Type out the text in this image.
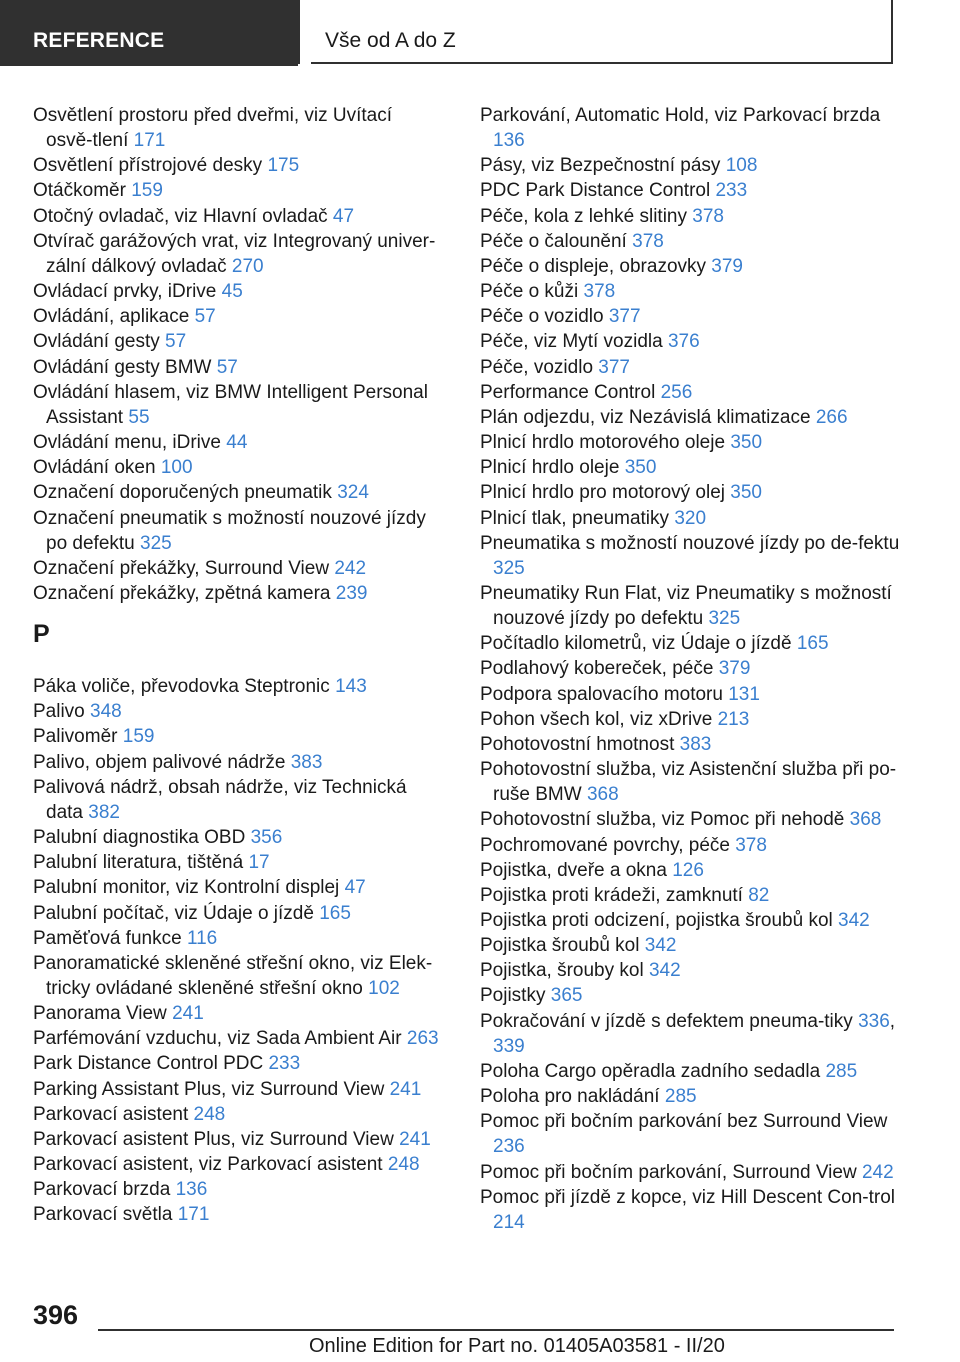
REFERENCE	Vše od A do Z
Osvětlení prostoru před dveřmi, viz Uvítací osvě‐tlení 171
Osvětlení přístrojové desky 175
Otáčkoměr 159
Otočný ovladač, viz Hlavní ovladač 47
Otvírač garážových vrat, viz Integrovaný univer‐zální dálkový ovladač 270
Ovládací prvky, iDrive 45
Ovládání, aplikace 57
Ovládání gesty 57
Ovládání gesty BMW 57
Ovládání hlasem, viz BMW Intelligent Personal Assistant 55
Ovládání menu, iDrive 44
Ovládání oken 100
Označení doporučených pneumatik 324
Označení pneumatik s možností nouzové jízdy po defektu 325
Označení překážky, Surround View 242
Označení překážky, zpětná kamera 239
P
Páka voliče, převodovka Steptronic 143
Palivo 348
Palivoměr 159
Palivo, objem palivové nádrže 383
Palivová nádrž, obsah nádrže, viz Technická data 382
Palubní diagnostika OBD 356
Palubní literatura, tištěná 17
Palubní monitor, viz Kontrolní displej 47
Palubní počítač, viz Údaje o jízdě 165
Paměťová funkce 116
Panoramatické skleněné střešní okno, viz Elek‐tricky ovládané skleněné střešní okno 102
Panorama View 241
Parfémování vzduchu, viz Sada Ambient Air 263
Park Distance Control PDC 233
Parking Assistant Plus, viz Surround View 241
Parkovací asistent 248
Parkovací asistent Plus, viz Surround View 241
Parkovací asistent, viz Parkovací asistent 248
Parkovací brzda 136
Parkovací světla 171
Parkování, Automatic Hold, viz Parkovací brzda 136
Pásy, viz Bezpečnostní pásy 108
PDC Park Distance Control 233
Péče, kola z lehké slitiny 378
Péče o čalounění 378
Péče o displeje, obrazovky 379
Péče o kůži 378
Péče o vozidlo 377
Péče, viz Mytí vozidla 376
Péče, vozidlo 377
Performance Control 256
Plán odjezdu, viz Nezávislá klimatizace 266
Plnicí hrdlo motorového oleje 350
Plnicí hrdlo oleje 350
Plnicí hrdlo pro motorový olej 350
Plnicí tlak, pneumatiky 320
Pneumatika s možností nouzové jízdy po de‐fektu 325
Pneumatiky Run Flat, viz Pneumatiky s možností nouzové jízdy po defektu 325
Počítadlo kilometrů, viz Údaje o jízdě 165
Podlahový kobereček, péče 379
Podpora spalovacího motoru 131
Pohon všech kol, viz xDrive 213
Pohotovostní hmotnost 383
Pohotovostní služba, viz Asistenční služba při po‐ruše BMW 368
Pohotovostní služba, viz Pomoc při nehodě 368
Pochromované povrchy, péče 378
Pojistka, dveře a okna 126
Pojistka proti krádeži, zamknutí 82
Pojistka proti odcizení, pojistka šroubů kol 342
Pojistka šroubů kol 342
Pojistka, šrouby kol 342
Pojistky 365
Pokračování v jízdě s defektem pneuma‐tiky 336, 339
Poloha Cargo opěradla zadního sedadla 285
Poloha pro nakládání 285
Pomoc při bočním parkování bez Surround View 236
Pomoc při bočním parkování, Surround View 242
Pomoc při jízdě z kopce, viz Hill Descent Con‐trol 214
396
Online Edition for Part no. 01405A03581 - II/20
